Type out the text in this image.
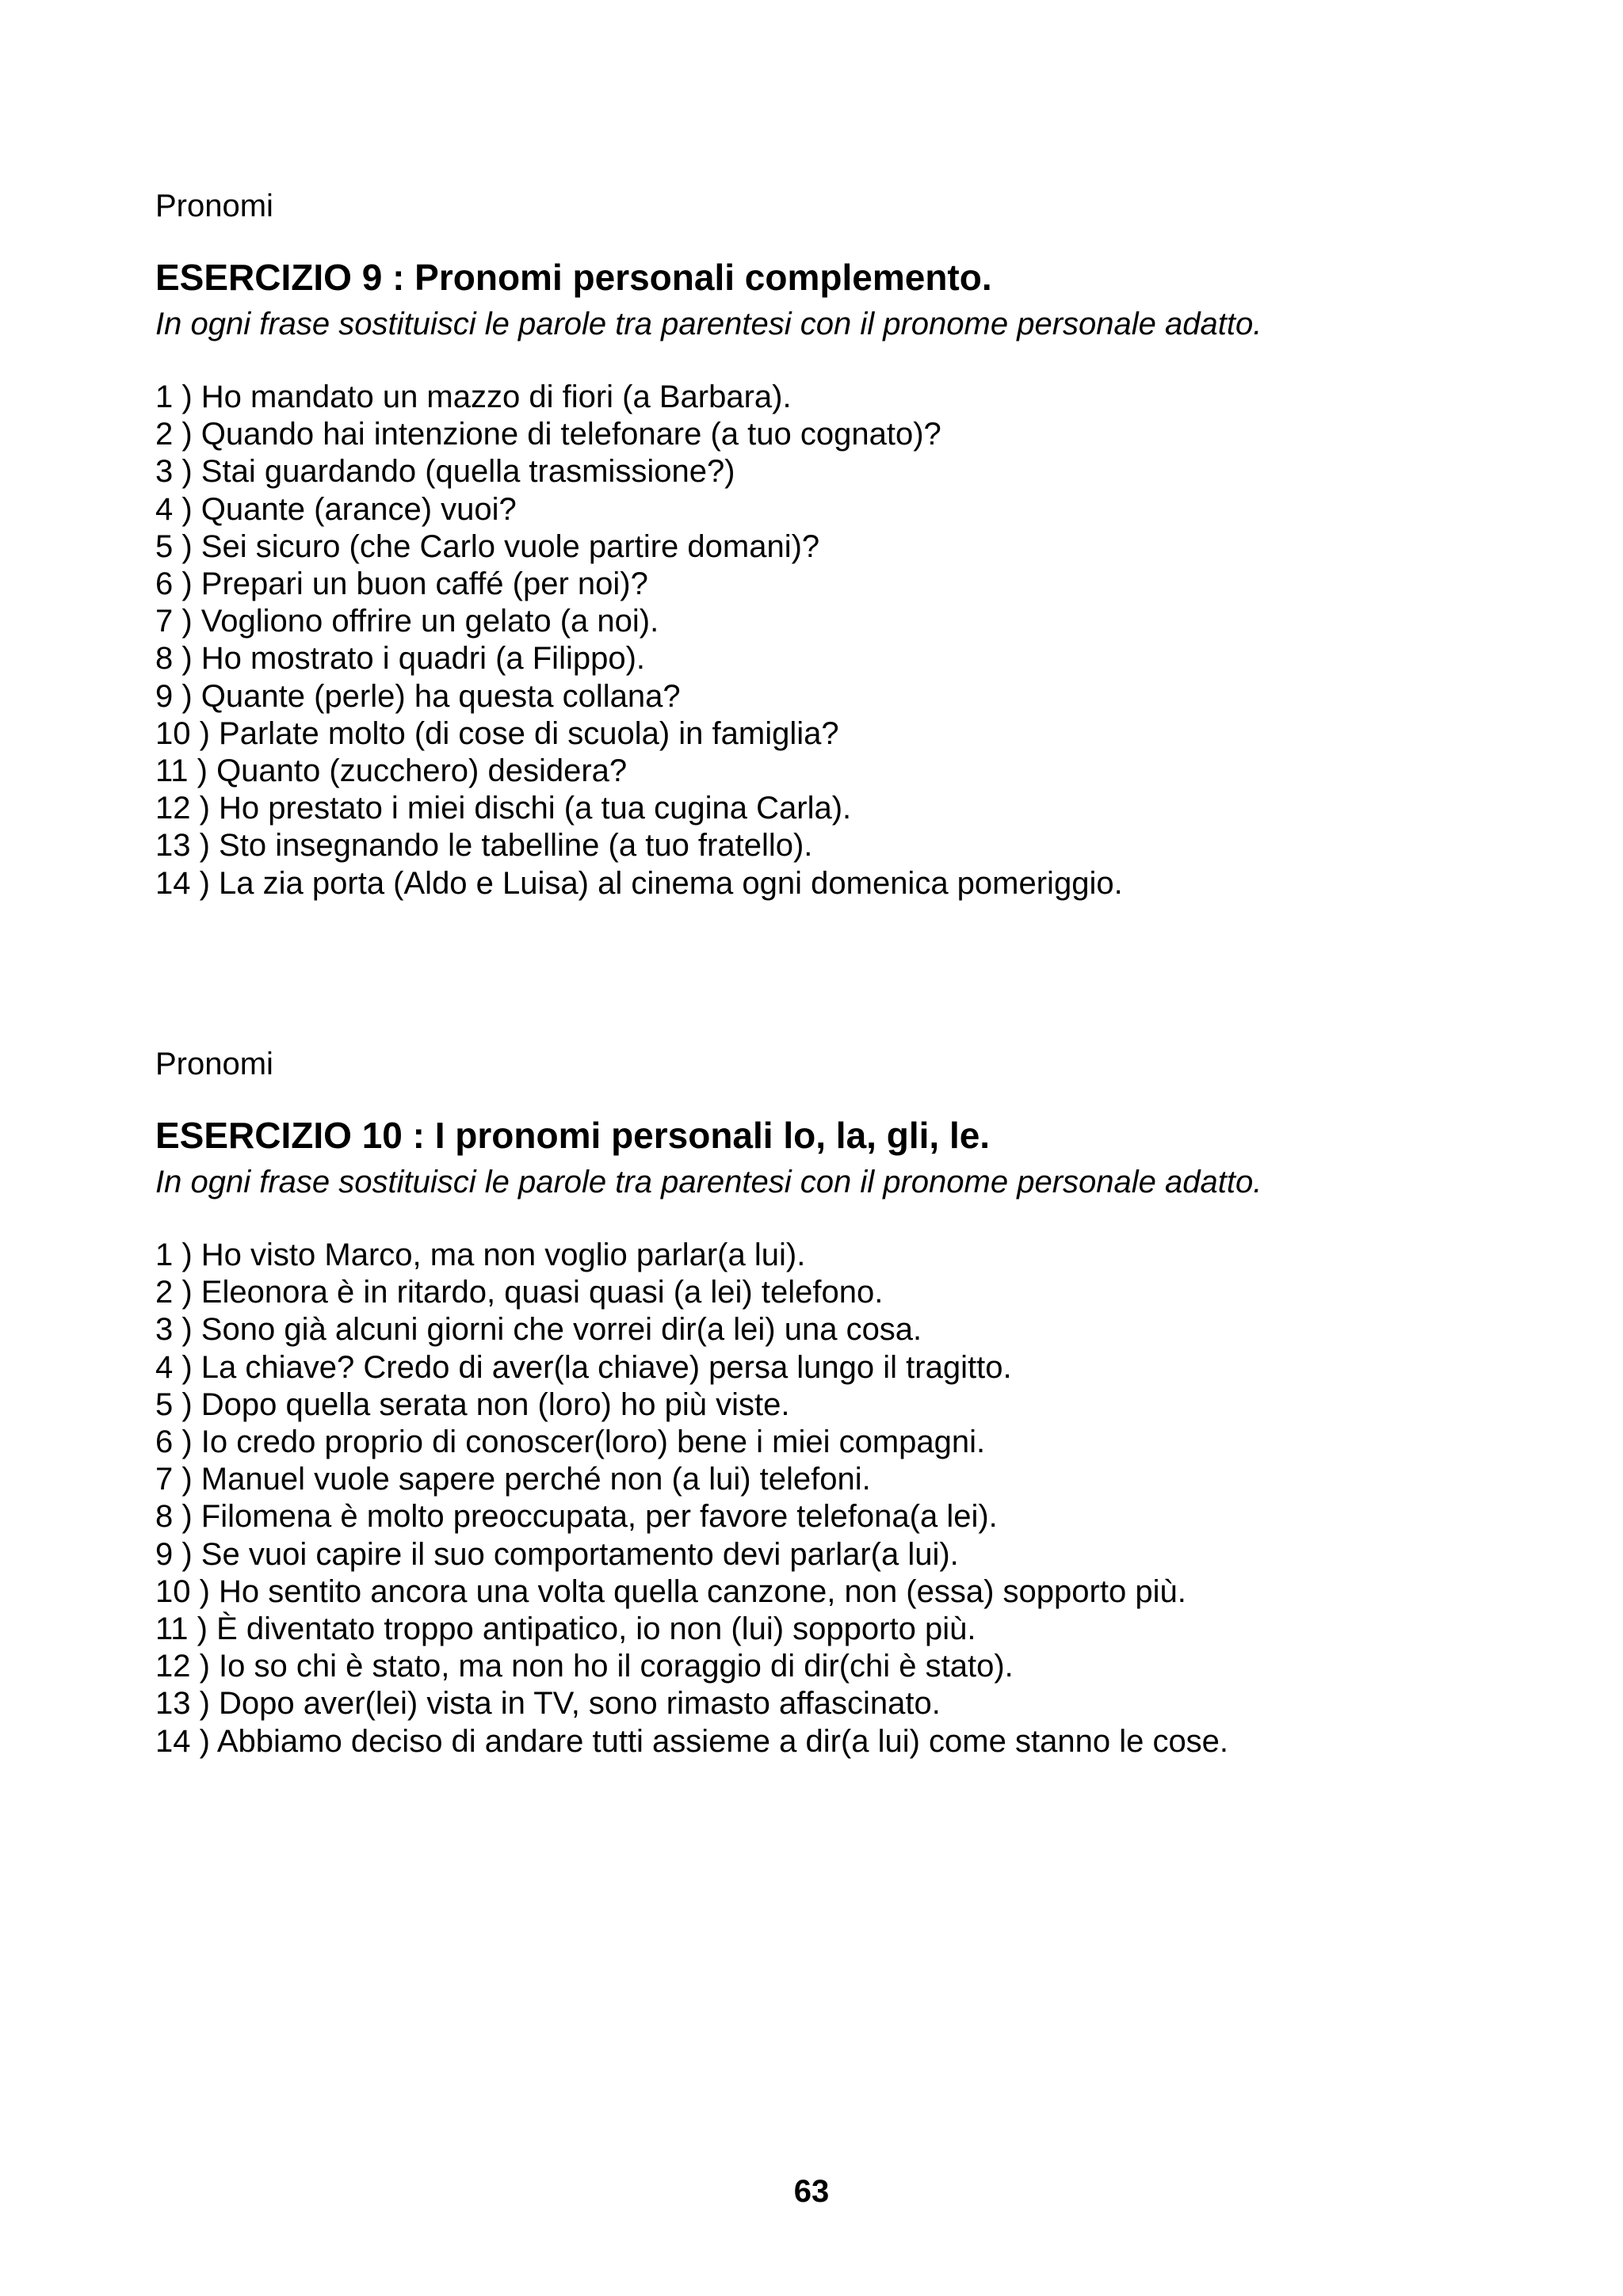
Pronomi

ESERCIZIO 9 : Pronomi personali complemento.

In ogni frase sostituisci le parole tra parentesi con il pronome personale adatto.

1 ) Ho mandato un mazzo di fiori (a Barbara).
2 ) Quando hai intenzione di telefonare (a tuo cognato)?
3 ) Stai guardando (quella trasmissione?)
4 ) Quante (arance) vuoi?
5 ) Sei sicuro (che Carlo vuole partire domani)?
6 ) Prepari un buon caffé (per noi)?
7 ) Vogliono offrire un gelato (a noi).
8 ) Ho mostrato i quadri (a Filippo).
9 ) Quante (perle) ha questa collana?
10 ) Parlate molto (di cose di scuola) in famiglia?
11 ) Quanto (zucchero) desidera?
12 ) Ho prestato i miei dischi (a tua cugina Carla).
13 ) Sto insegnando le tabelline (a tuo fratello).
14 ) La zia porta (Aldo e Luisa) al cinema ogni domenica pomeriggio.

Pronomi

ESERCIZIO 10 : I pronomi personali lo, la, gli, le.

In ogni frase sostituisci le parole tra parentesi con il pronome personale adatto.

1 ) Ho visto Marco, ma non voglio parlar(a lui).
2 ) Eleonora è in ritardo, quasi quasi (a lei) telefono.
3 ) Sono già alcuni giorni che vorrei dir(a lei) una cosa.
4 ) La chiave? Credo di aver(la chiave) persa lungo il tragitto.
5 ) Dopo quella serata non (loro) ho più viste.
6 ) Io credo proprio di conoscer(loro) bene i miei compagni.
7 ) Manuel vuole sapere perché non (a lui) telefoni.
8 ) Filomena è molto preoccupata, per favore telefona(a lei).
9 ) Se vuoi capire il suo comportamento devi parlar(a lui).
10 ) Ho sentito ancora una volta quella canzone, non (essa) sopporto più.
11 ) È diventato troppo antipatico, io non (lui) sopporto più.
12 ) Io so chi è stato, ma non ho il coraggio di dir(chi è stato).
13 ) Dopo aver(lei) vista in TV, sono rimasto affascinato.
14 ) Abbiamo deciso di andare tutti assieme a dir(a lui) come stanno le cose.
63
